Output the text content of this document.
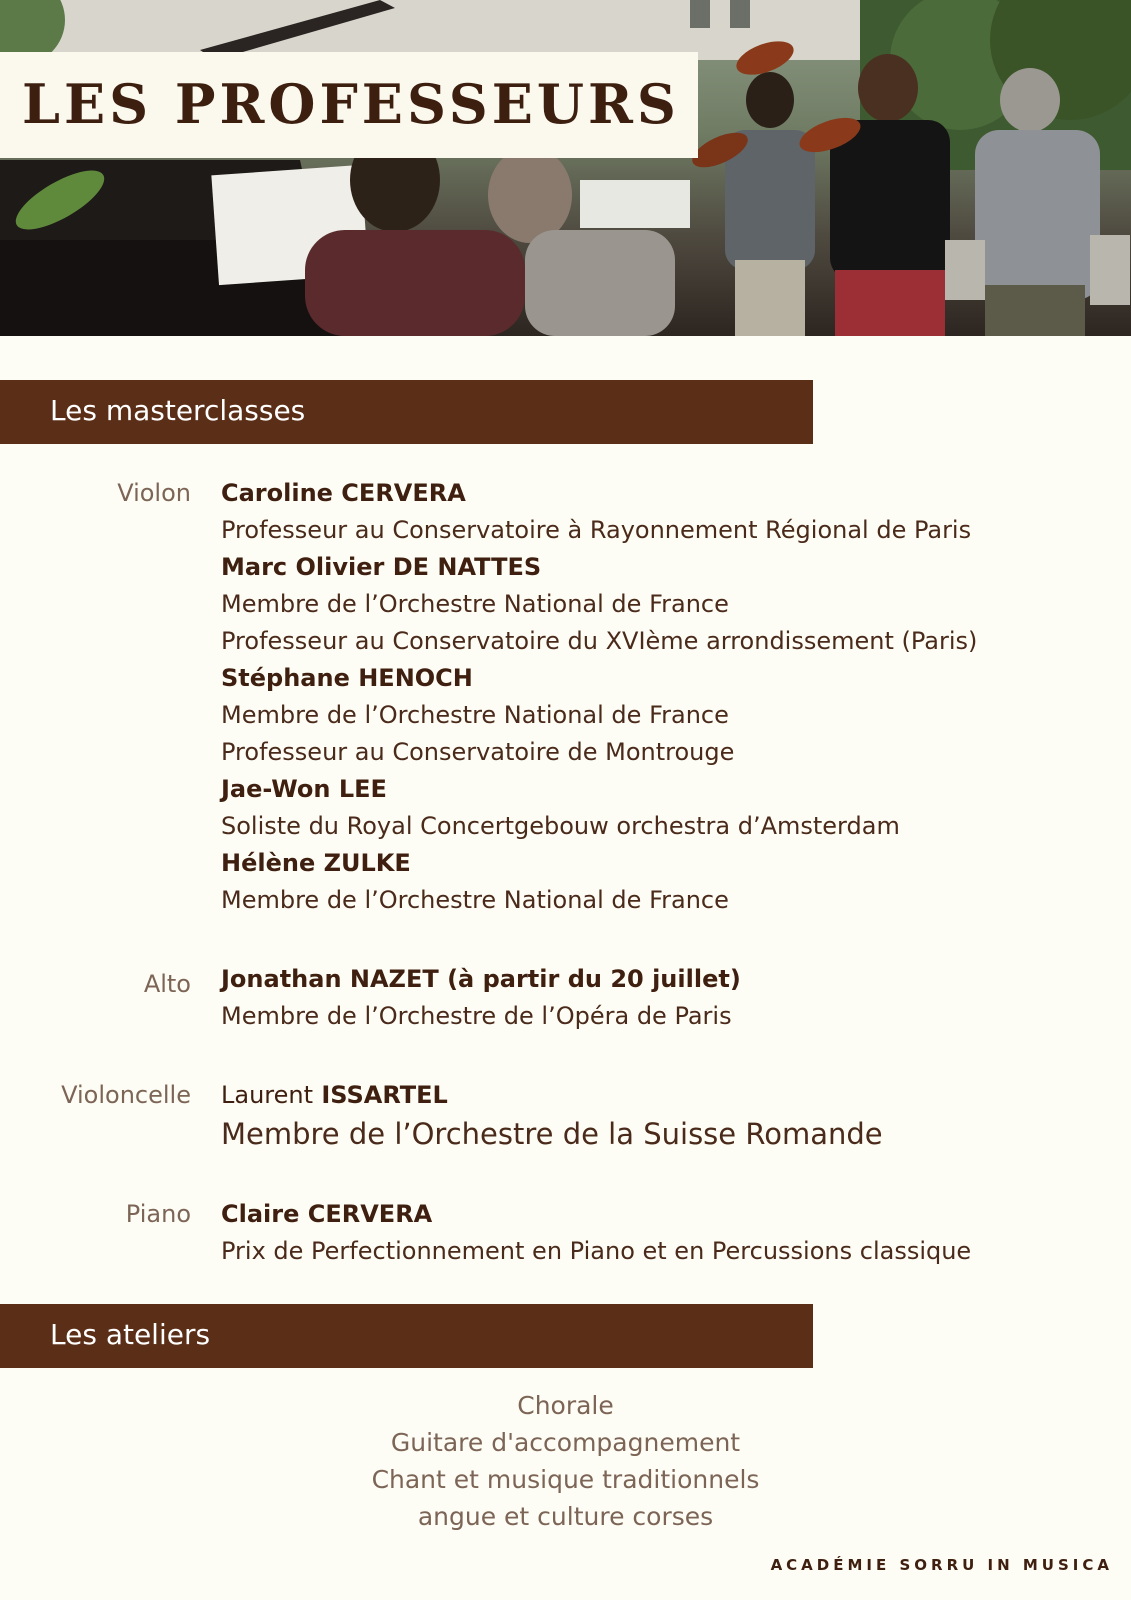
LES PROFESSEURS
Les masterclasses
Violon Caroline CERVERA
Professeur au Conservatoire à Rayonnement Régional de Paris
Marc Olivier DE NATTES
Membre de l’Orchestre National de France
Professeur au Conservatoire du XVIème arrondissement (Paris)
Stéphane HENOCH
Membre de l’Orchestre National de France
Professeur au Conservatoire de Montrouge
Jae-Won LEE
Soliste du Royal Concertgebouw orchestra d’Amsterdam
Hélène ZULKE
Membre de l’Orchestre National de France
Alto Jonathan NAZET (à partir du 20 juillet)
Membre de l’Orchestre de l’Opéra de Paris
Violoncelle Laurent ISSARTEL
Membre de l’Orchestre de la Suisse Romande
Piano Claire CERVERA
Prix de Perfectionnement en Piano et en Percussions classique
Les ateliers
Chorale
Guitare d'accompagnement
Chant et musique traditionnels
angue et culture corses
ACADÉMIE SORRU IN MUSICA
